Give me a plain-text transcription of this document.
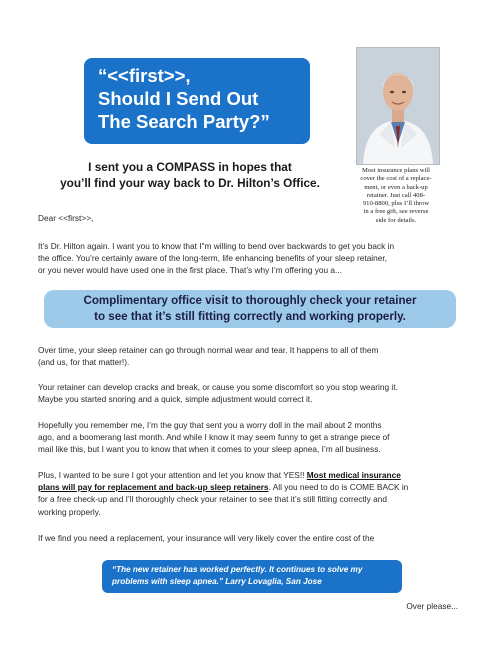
“<<first>>,
Should I Send Out
The Search Party?”
Most insurance plans will
cover the cost of a replace-
ment, or even a back-up
retainer. Just call 408-
910-8800, plus I’ll throw
in a free gift, see reverse
side for details.
I sent you a COMPASS in hopes that
you’ll find your way back to Dr. Hilton’s Office.
Dear <<first>>,
It’s Dr. Hilton again. I want you to know that I"m willing to bend over backwards to get you back in
the office. You’re certainly aware of the long-term, life enhancing benefits of your sleep retainer,
or you never would have used one in the first place. That’s why I’m offering you a...
Complimentary office visit to thoroughly check your retainer
to see that it’s still fitting correctly and working properly.
Over time, your sleep retainer can go through normal wear and tear. It happens to all of them
(and us, for that matter!).
Your retainer can develop cracks and break, or cause you some discomfort so you stop wearing it.
Maybe you started snoring and a quick, simple adjustment would correct it.
Hopefully you remember me, I’m the guy that sent you a worry doll in the mail about 2 months
ago, and a boomerang last month. And while I know it may seem funny to get a strange piece of
mail like this, but I want you to know that when it comes to your sleep apnea, I’m all business.
Plus, I wanted to be sure I got your attention and let you know that YES!! Most medical insurance
plans will pay for replacement and back-up sleep retainers. All you need to do is COME BACK in
for a free check-up and I’ll thoroughly check your retainer to see that it’s still fitting correctly and
working properly.
If we find you need a replacement, your insurance will very likely cover the entire cost of the
“The new retainer has worked perfectly. It continues to solve my
problems with sleep apnea.” Larry Lovaglia, San Jose
Over please...
